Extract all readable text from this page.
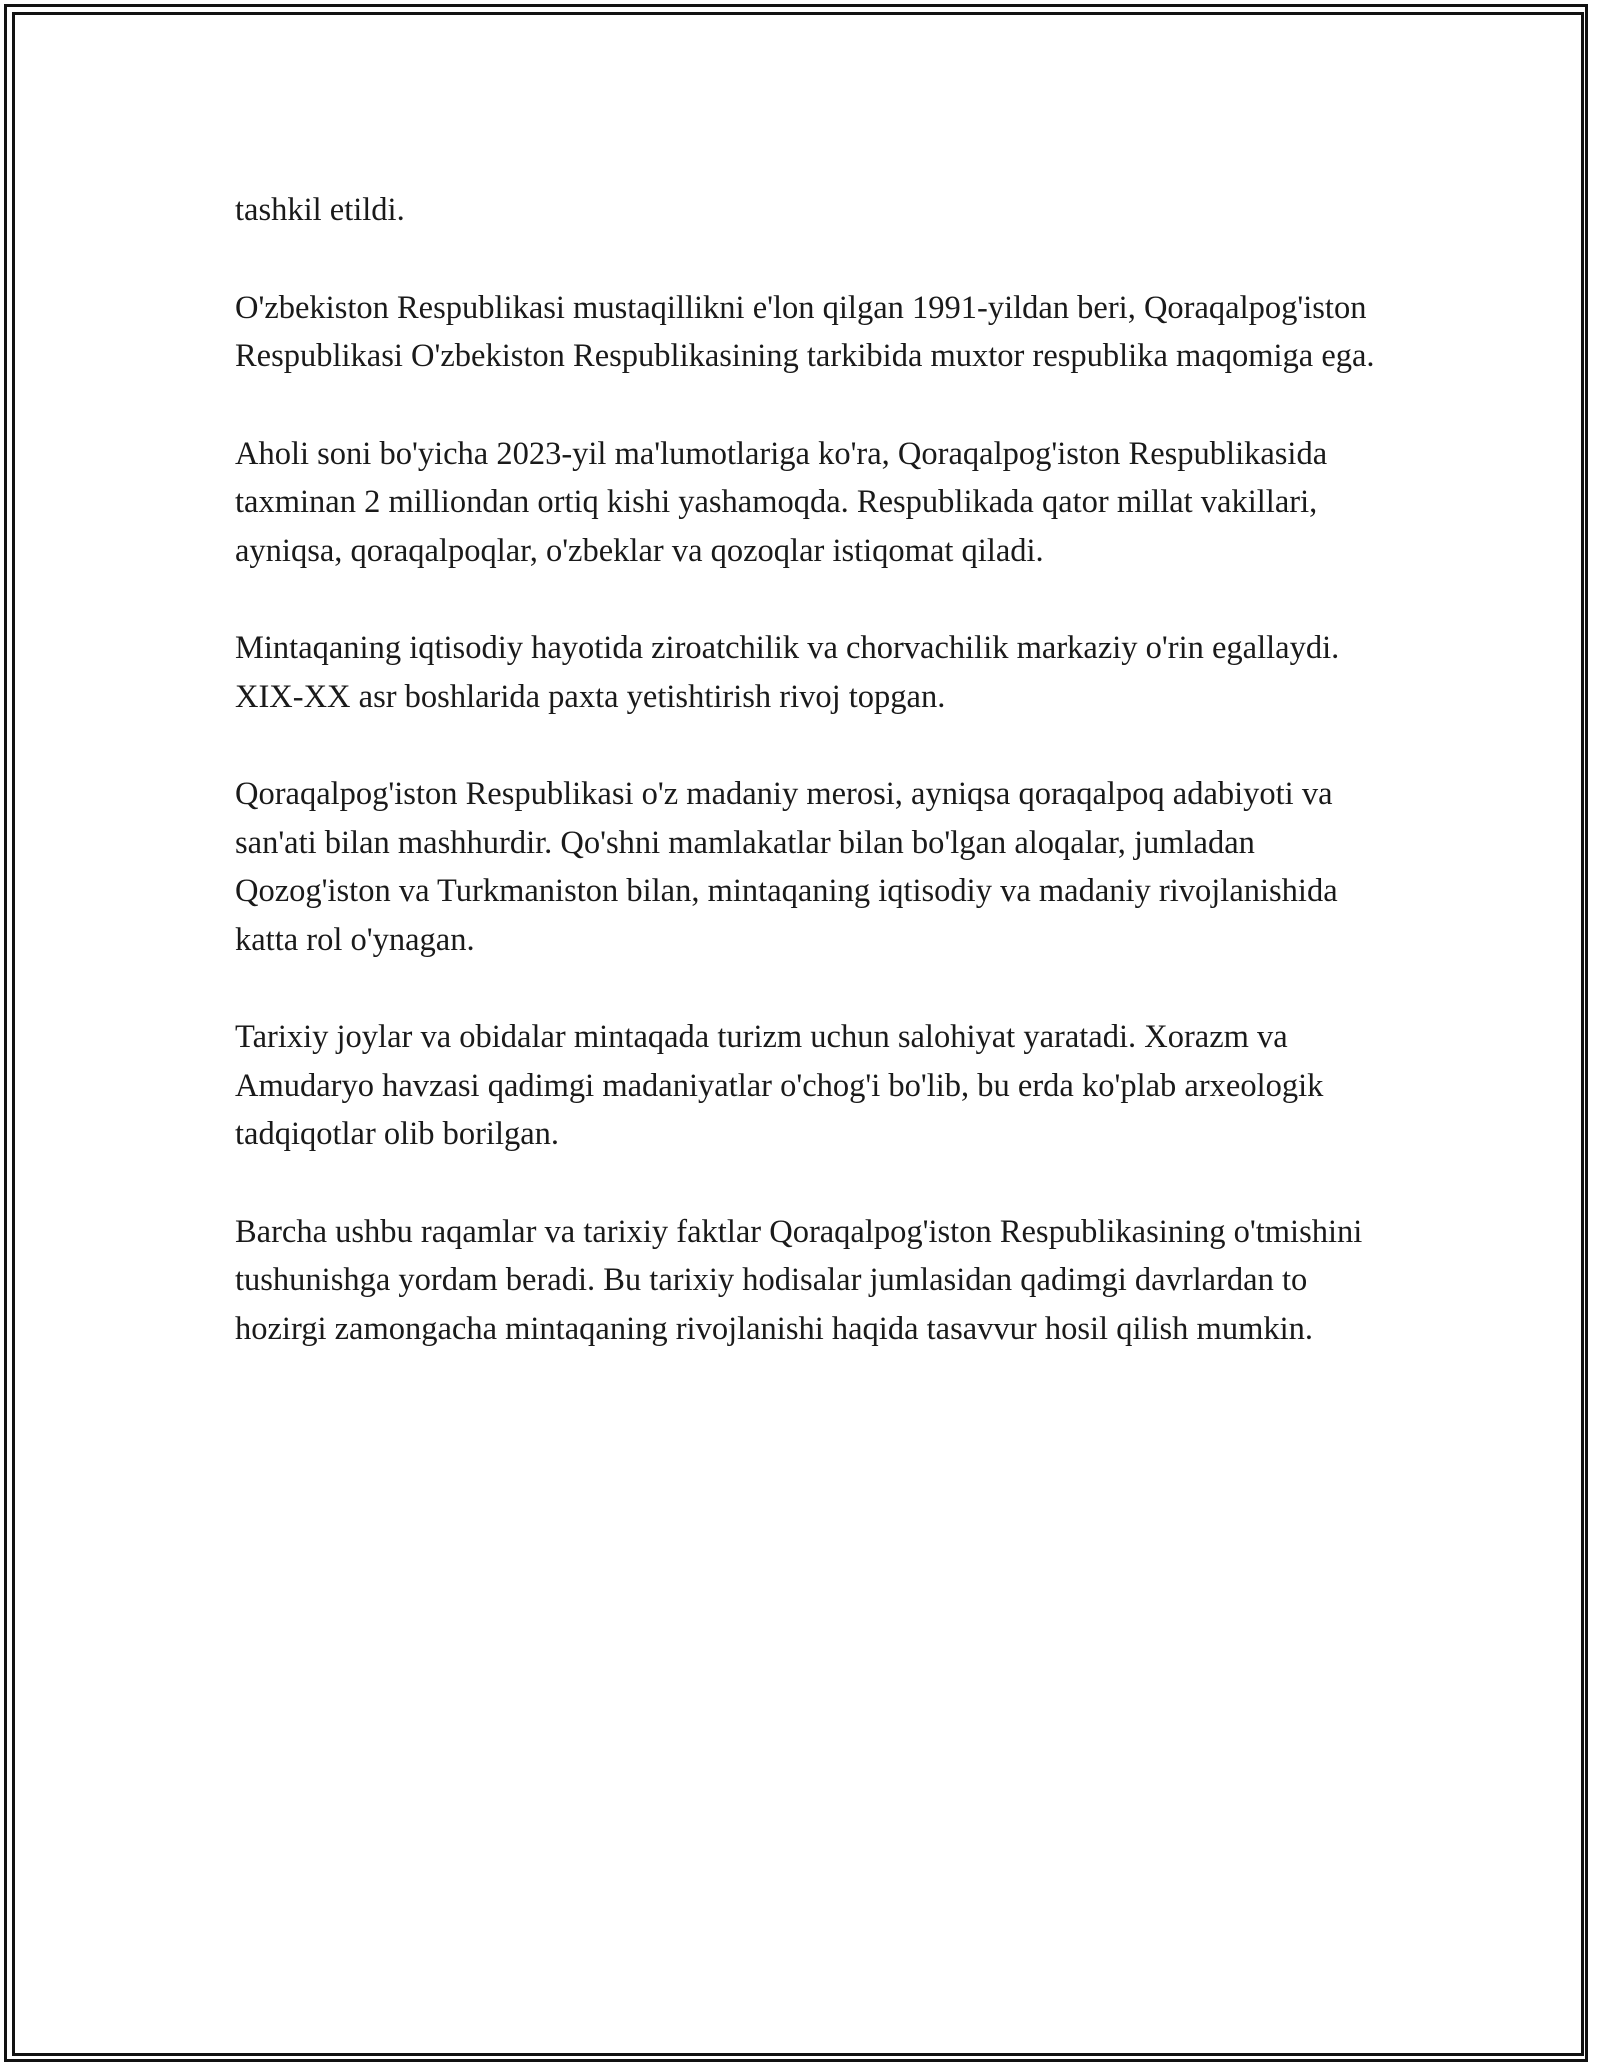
tashkil etildi.

O'zbekiston Respublikasi mustaqillikni e'lon qilgan 1991-yildan beri, Qoraqalpog'iston Respublikasi O'zbekiston Respublikasining tarkibida muxtor respublika maqomiga ega.

Aholi soni bo'yicha 2023-yil ma'lumotlariga ko'ra, Qoraqalpog'iston Respublikasida taxminan 2 milliondan ortiq kishi yashamoqda. Respublikada qator millat vakillari, ayniqsa, qoraqalpoqlar, o'zbeklar va qozoqlar istiqomat qiladi.

Mintaqaning iqtisodiy hayotida ziroatchilik va chorvachilik markaziy o'rin egallaydi. XIX-XX asr boshlarida paxta yetishtirish rivoj topgan.

Qoraqalpog'iston Respublikasi o'z madaniy merosi, ayniqsa qoraqalpoq adabiyoti va san'ati bilan mashhurdir. Qo'shni mamlakatlar bilan bo'lgan aloqalar, jumladan Qozog'iston va Turkmaniston bilan, mintaqaning iqtisodiy va madaniy rivojlanishida katta rol o'ynagan.

Tarixiy joylar va obidalar mintaqada turizm uchun salohiyat yaratadi. Xorazm va Amudaryo havzasi qadimgi madaniyatlar o'chog'i bo'lib, bu erda ko'plab arxeologik tadqiqotlar olib borilgan.

Barcha ushbu raqamlar va tarixiy faktlar Qoraqalpog'iston Respublikasining o'tmishini tushunishga yordam beradi. Bu tarixiy hodisalar jumlasidan qadimgi davrlardan to hozirgi zamongacha mintaqaning rivojlanishi haqida tasavvur hosil qilish mumkin.
